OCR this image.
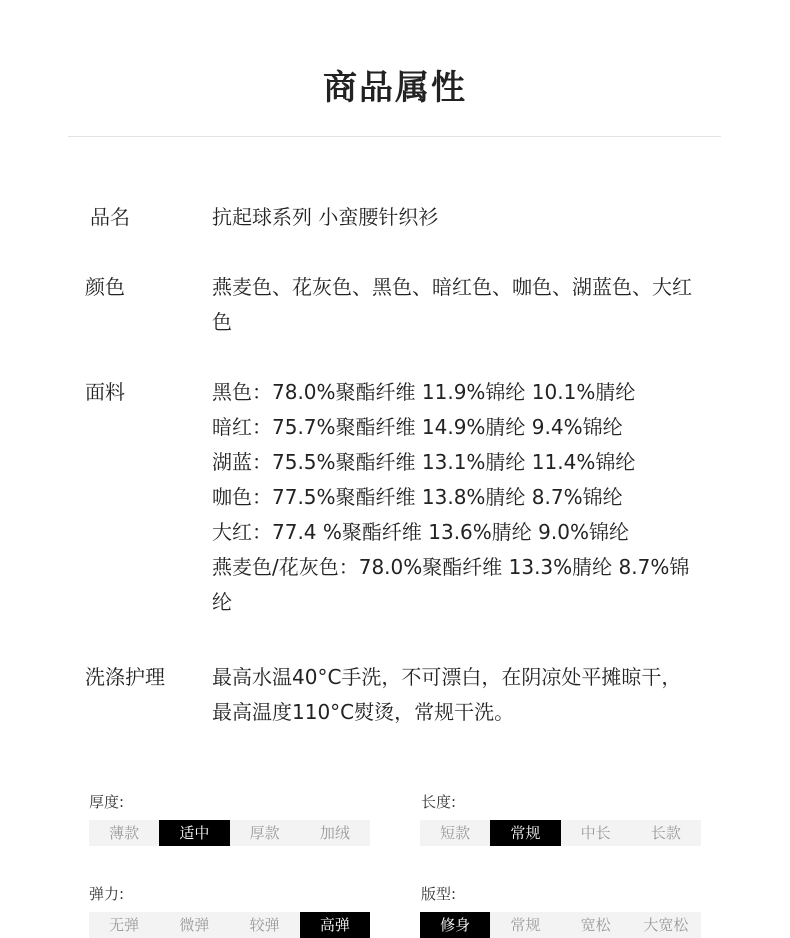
商品属性
品名	抗起球系列 小蛮腰针织衫
颜色	燕麦色、花灰色、黑色、暗红色、咖色、湖蓝色、大红色
面料	黑色：78.0%聚酯纤维 11.9%锦纶 10.1%腈纶
暗红：75.7%聚酯纤维 14.9%腈纶 9.4%锦纶
湖蓝：75.5%聚酯纤维 13.1%腈纶 11.4%锦纶
咖色：77.5%聚酯纤维 13.8%腈纶 8.7%锦纶
大红：77.4 %聚酯纤维 13.6%腈纶 9.0%锦纶
燕麦色/花灰色：78.0%聚酯纤维 13.3%腈纶 8.7%锦纶
洗涤护理 最高水温40°C手洗，不可漂白，在阴凉处平摊晾干，最高温度110°C熨烫，常规干洗。
厚度:
薄款	适中	厚款	加绒
长度:
短款	常规	中长	长款
弹力:
无弹	微弹	较弹	高弹
版型:
修身	常规	宽松	大宽松
